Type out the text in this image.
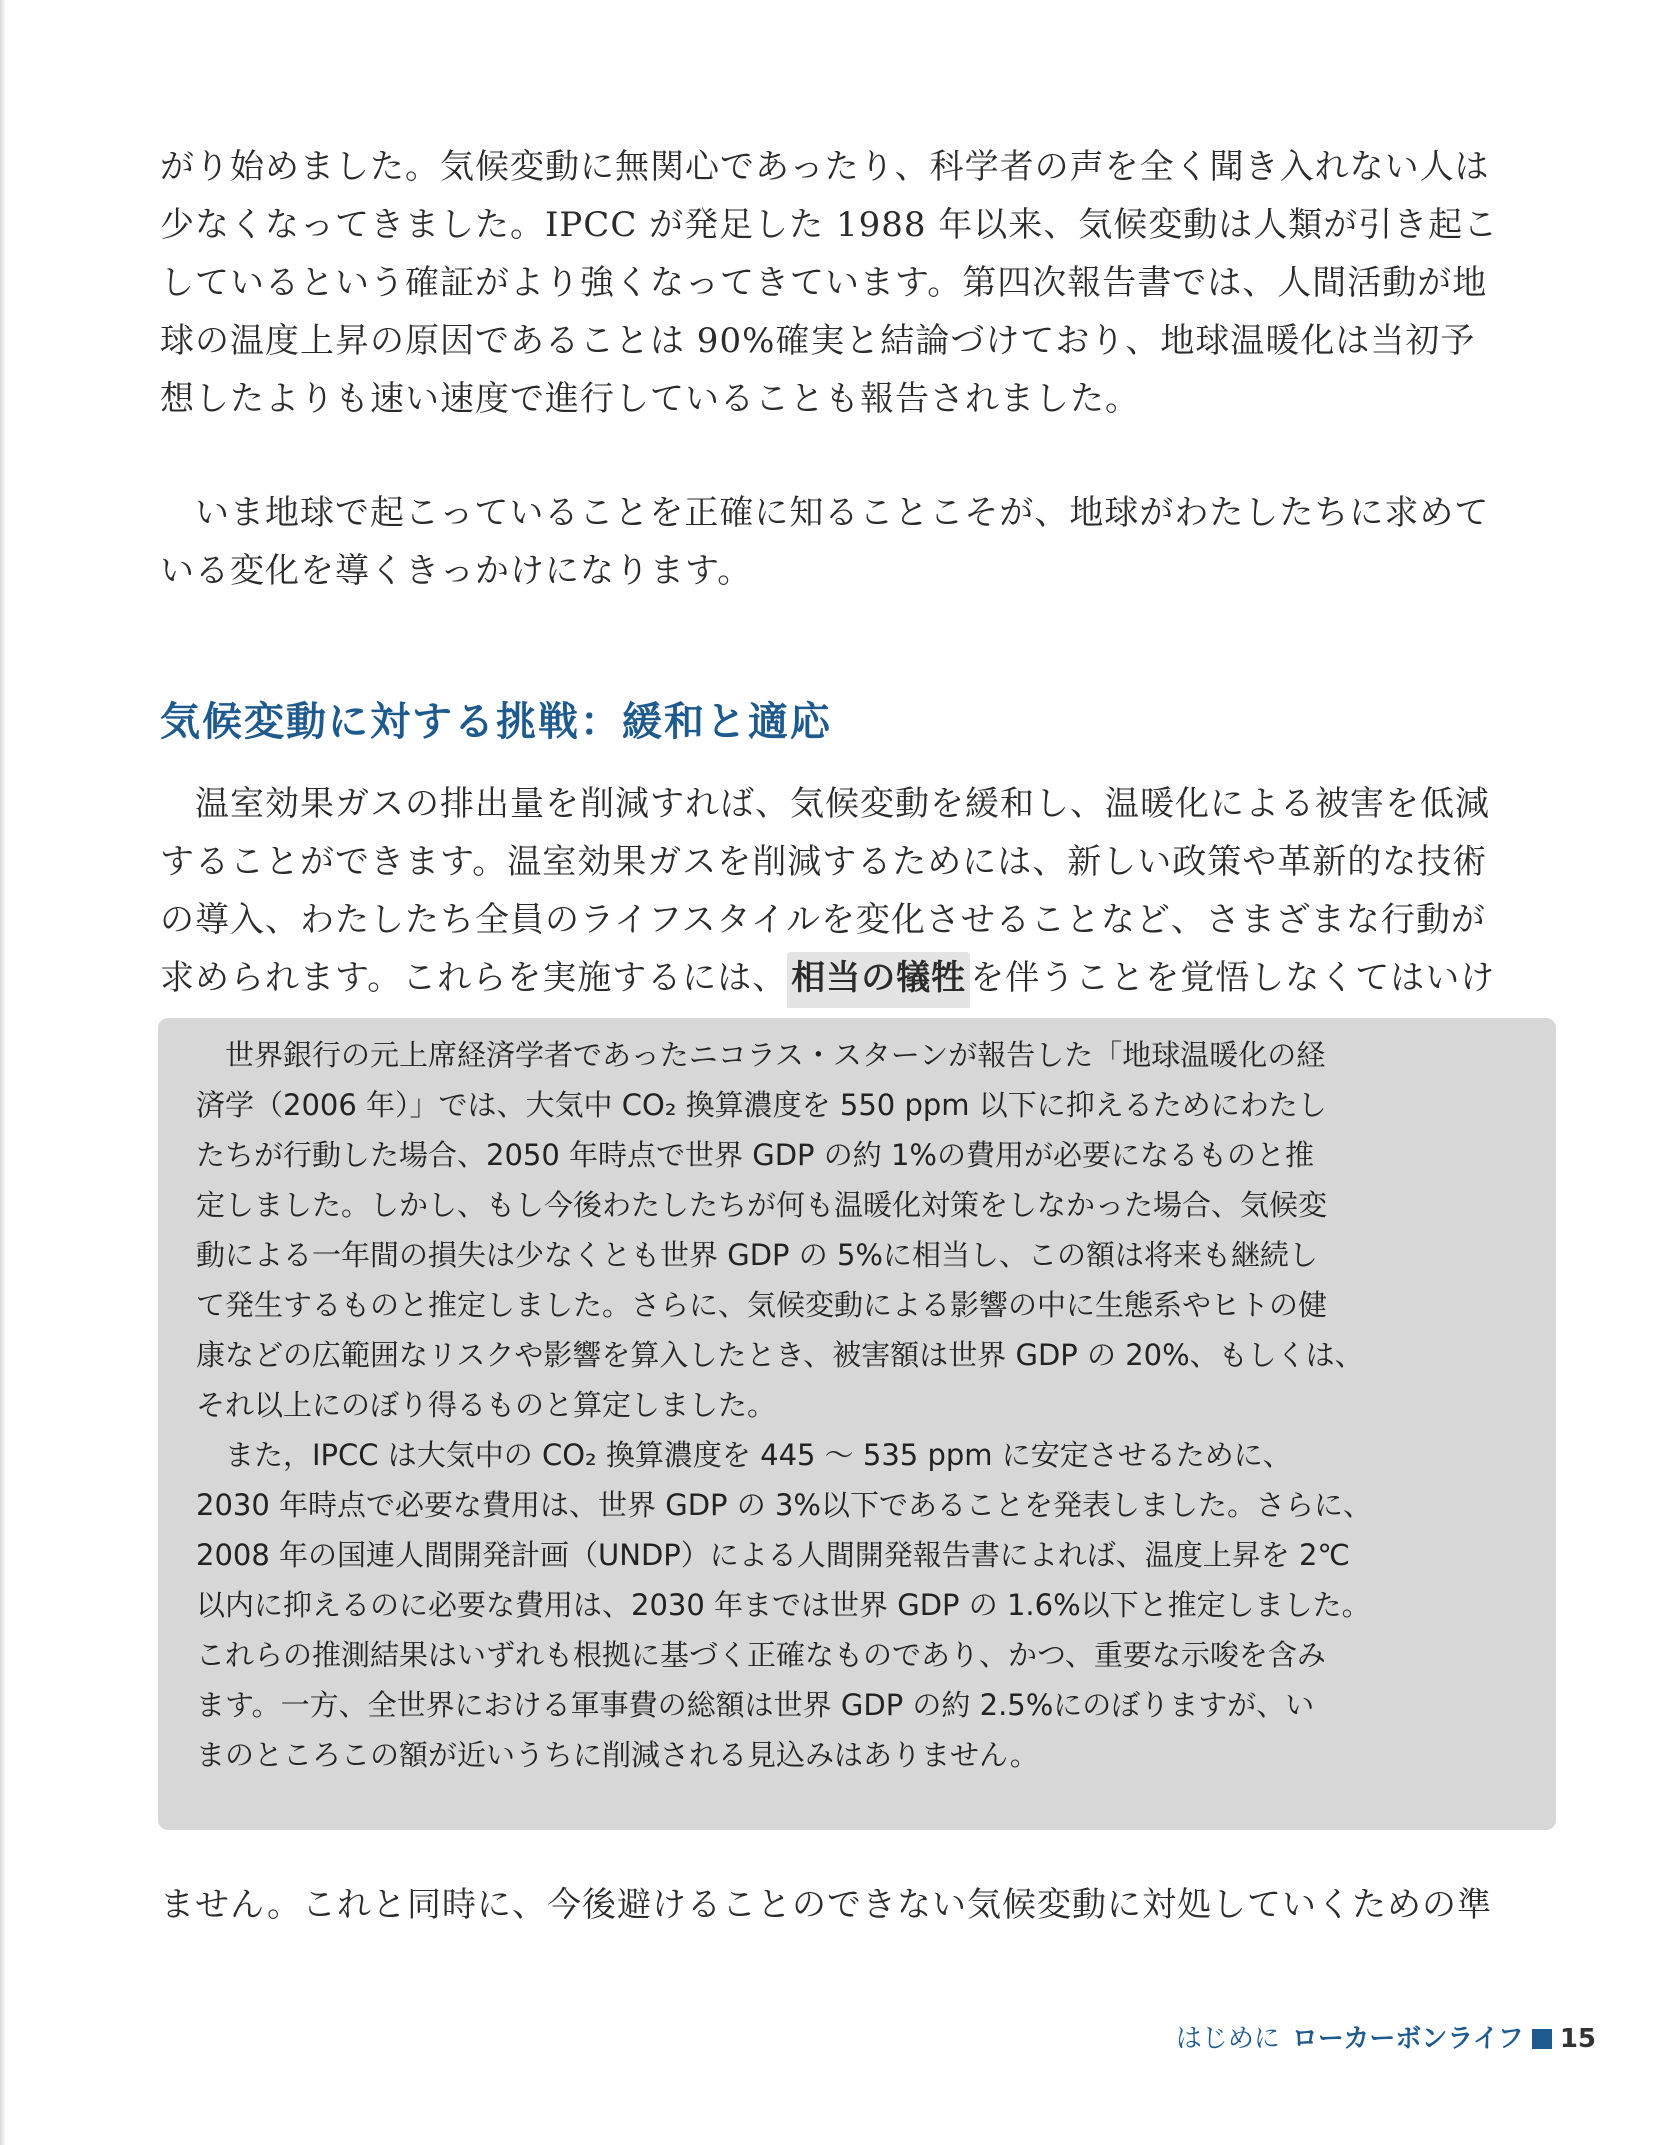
がり始めました。気候変動に無関心であったり、科学者の声を全く聞き入れない人は
少なくなってきました。IPCC が発足した 1988 年以来、気候変動は人類が引き起こ
しているという確証がより強くなってきています。第四次報告書では、人間活動が地
球の温度上昇の原因であることは 90%確実と結論づけており、地球温暖化は当初予
想したよりも速い速度で進行していることも報告されました。

　いま地球で起こっていることを正確に知ることこそが、地球がわたしたちに求めて
いる変化を導くきっかけになります。

気候変動に対する挑戦：緩和と適応

　温室効果ガスの排出量を削減すれば、気候変動を緩和し、温暖化による被害を低減
することができます。温室効果ガスを削減するためには、新しい政策や革新的な技術
の導入、わたしたち全員のライフスタイルを変化させることなど、さまざまな行動が
求められます。これらを実施するには、 相当の犠牲 を伴うことを覚悟しなくてはいけ

　世界銀行の元上席経済学者であったニコラス・スターンが報告した「地球温暖化の経
済学（2006 年）」では、大気中 CO₂ 換算濃度を 550 ppm 以下に抑えるためにわたし
たちが行動した場合、2050 年時点で世界 GDP の約 1%の費用が必要になるものと推
定しました。しかし、もし今後わたしたちが何も温暖化対策をしなかった場合、気候変
動による一年間の損失は少なくとも世界 GDP の 5%に相当し、この額は将来も継続し
て発生するものと推定しました。さらに、気候変動による影響の中に生態系やヒトの健
康などの広範囲なリスクや影響を算入したとき、被害額は世界 GDP の 20%、もしくは、
それ以上にのぼり得るものと算定しました。
　また，IPCC は大気中の CO₂ 換算濃度を 445 ～ 535 ppm に安定させるために、
2030 年時点で必要な費用は、世界 GDP の 3%以下であることを発表しました。さらに、
2008 年の国連人間開発計画（UNDP）による人間開発報告書によれば、温度上昇を 2℃
以内に抑えるのに必要な費用は、2030 年までは世界 GDP の 1.6%以下と推定しました。
これらの推測結果はいずれも根拠に基づく正確なものであり、かつ、重要な示唆を含み
ます。一方、全世界における軍事費の総額は世界 GDP の約 2.5%にのぼりますが、い
まのところこの額が近いうちに削減される見込みはありません。

ません。これと同時に、今後避けることのできない気候変動に対処していくための準

はじめに ローカーボンライフ 15
